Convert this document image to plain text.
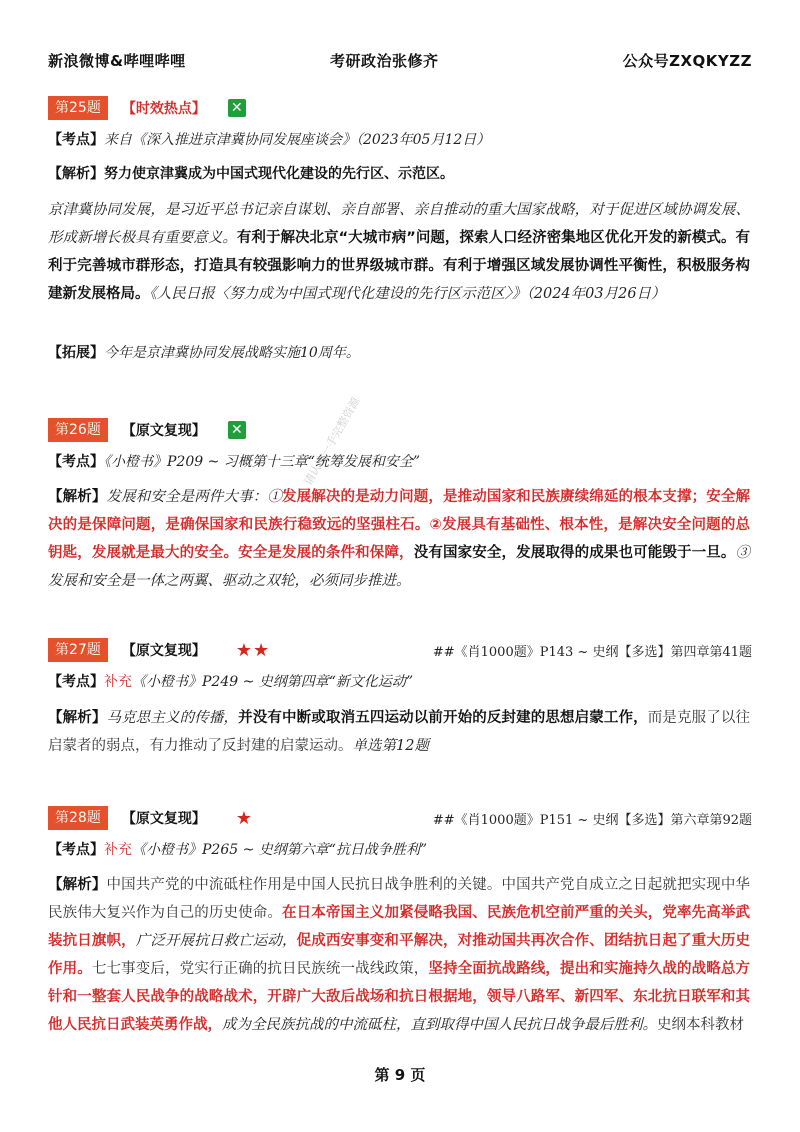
新浪微博&哔哩哔哩	考研政治张修齐	公众号ZXQKYZZ
请认准一手完整资源
第25题	【时效热点】 ✕
【考点】来自《深入推进京津冀协同发展座谈会》（2023年05月12日）
【解析】努力使京津冀成为中国式现代化建设的先行区、示范区。
京津冀协同发展，是习近平总书记亲自谋划、亲自部署、亲自推动的重大国家战略，对于促进区域协调发展、形成新增长极具有重要意义。有利于解决北京“大城市病”问题，探索人口经济密集地区优化开发的新模式。有利于完善城市群形态，打造具有较强影响力的世界级城市群。有利于增强区域发展协调性平衡性，积极服务构建新发展格局。《人民日报〈努力成为中国式现代化建设的先行区示范区〉》（2024年03月26日）
【拓展】今年是京津冀协同发展战略实施10周年。
第26题	【原文复现】 ✕
【考点】《小橙书》P209 ~ 习概第十三章“统筹发展和安全”
【解析】发展和安全是两件大事：①发展解决的是动力问题，是推动国家和民族赓续绵延的根本支撑；安全解决的是保障问题，是确保国家和民族行稳致远的坚强柱石。②发展具有基础性、根本性，是解决安全问题的总钥匙，发展就是最大的安全。安全是发展的条件和保障，没有国家安全，发展取得的成果也可能毁于一旦。③发展和安全是一体之两翼、驱动之双轮，必须同步推进。
第27题	【原文复现】 ★★	##《肖1000题》P143 ~ 史纲【多选】第四章第41题
【考点】补充《小橙书》P249 ~ 史纲第四章“新文化运动”
【解析】马克思主义的传播，并没有中断或取消五四运动以前开始的反封建的思想启蒙工作，而是克服了以往启蒙者的弱点，有力推动了反封建的启蒙运动。单选第12题
第28题	【原文复现】 ★	##《肖1000题》P151 ~ 史纲【多选】第六章第92题
【考点】补充《小橙书》P265 ~ 史纲第六章“抗日战争胜利”
【解析】中国共产党的中流砥柱作用是中国人民抗日战争胜利的关键。中国共产党自成立之日起就把实现中华民族伟大复兴作为自己的历史使命。在日本帝国主义加紧侵略我国、民族危机空前严重的关头，党率先高举武装抗日旗帜，广泛开展抗日救亡运动，促成西安事变和平解决，对推动国共再次合作、团结抗日起了重大历史作用。七七事变后，党实行正确的抗日民族统一战线政策，坚持全面抗战路线，提出和实施持久战的战略总方针和一整套人民战争的战略战术，开辟广大敌后战场和抗日根据地，领导八路军、新四军、东北抗日联军和其他人民抗日武装英勇作战，成为全民族抗战的中流砥柱，直到取得中国人民抗日战争最后胜利。史纲本科教材
第 9 页
